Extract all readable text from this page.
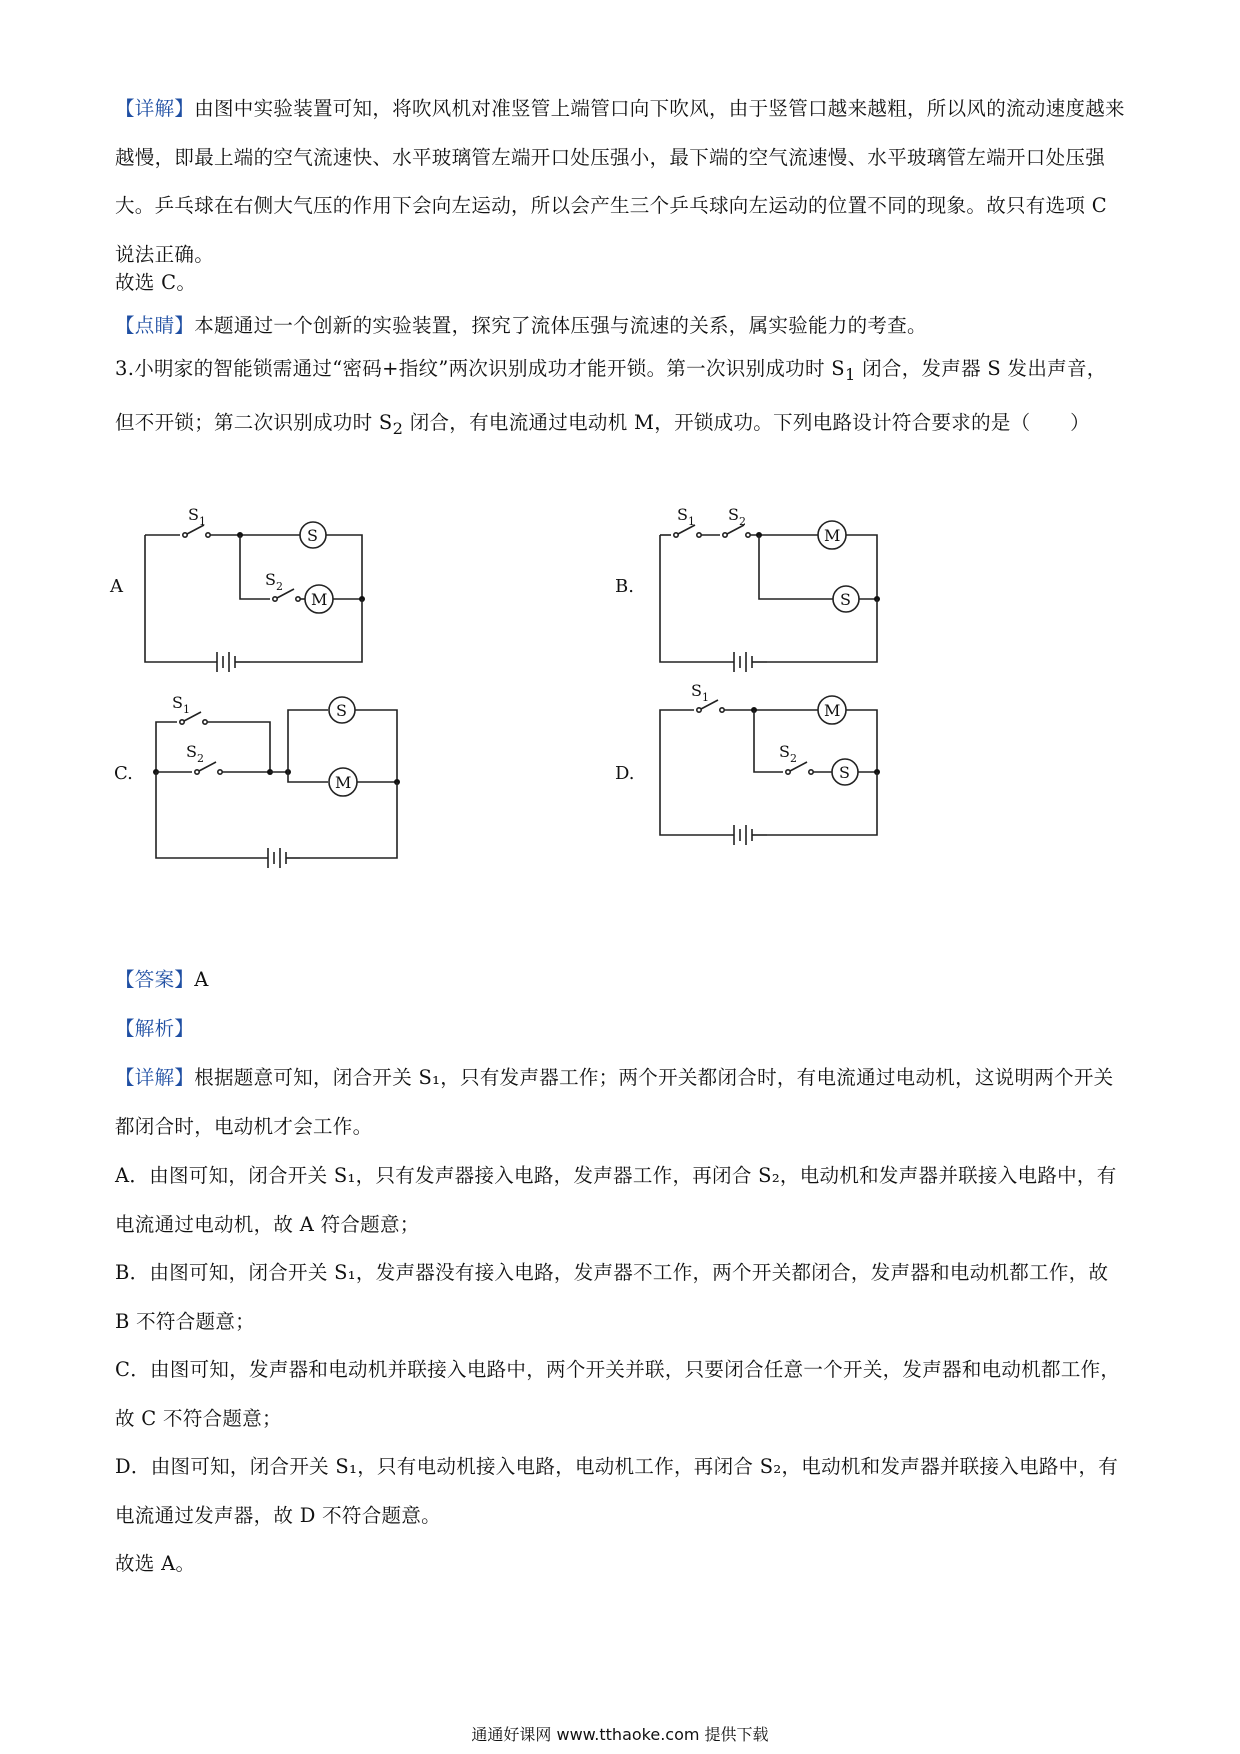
【详解】由图中实验装置可知，将吹风机对准竖管上端管口向下吹风，由于竖管口越来越粗，所以风的流动速度越来越慢，即最上端的空气流速快、水平玻璃管左端开口处压强小，最下端的空气流速慢、水平玻璃管左端开口处压强大。乒乓球在右侧大气压的作用下会向左运动，所以会产生三个乒乓球向左运动的位置不同的现象。故只有选项 C 说法正确。

故选 C。

【点睛】本题通过一个创新的实验装置，探究了流体压强与流速的关系，属实验能力的考查。

3.小明家的智能锁需通过“密码+指纹”两次识别成功才能开锁。第一次识别成功时 $S_1$ 闭合，发声器 S 发出声音，但不开锁；第二次识别成功时 $S_2$ 闭合，有电流通过电动机 M，开锁成功。下列电路设计符合要求的是（　　）

A
$S_1$
S
$S_2$
M
B.
$S_1$ $S_2$
M
S
C.
$S_1$
$S_2$
S
M	D.
$S_1$
M
$S_2$
S

【答案】A

【解析】

【详解】根据题意可知，闭合开关 S₁，只有发声器工作；两个开关都闭合时，有电流通过电动机，这说明两个开关都闭合时，电动机才会工作。

A．由图可知，闭合开关 S₁，只有发声器接入电路，发声器工作，再闭合 S₂，电动机和发声器并联接入电路中，有电流通过电动机，故 A 符合题意；

B．由图可知，闭合开关 S₁，发声器没有接入电路，发声器不工作，两个开关都闭合，发声器和电动机都工作，故 B 不符合题意；

C．由图可知，发声器和电动机并联接入电路中，两个开关并联，只要闭合任意一个开关，发声器和电动机都工作，故 C 不符合题意；

D．由图可知，闭合开关 S₁，只有电动机接入电路，电动机工作，再闭合 S₂，电动机和发声器并联接入电路中，有电流通过发声器，故 D 不符合题意。

故选 A。

通通好课网 www.tthaoke.com 提供下载
